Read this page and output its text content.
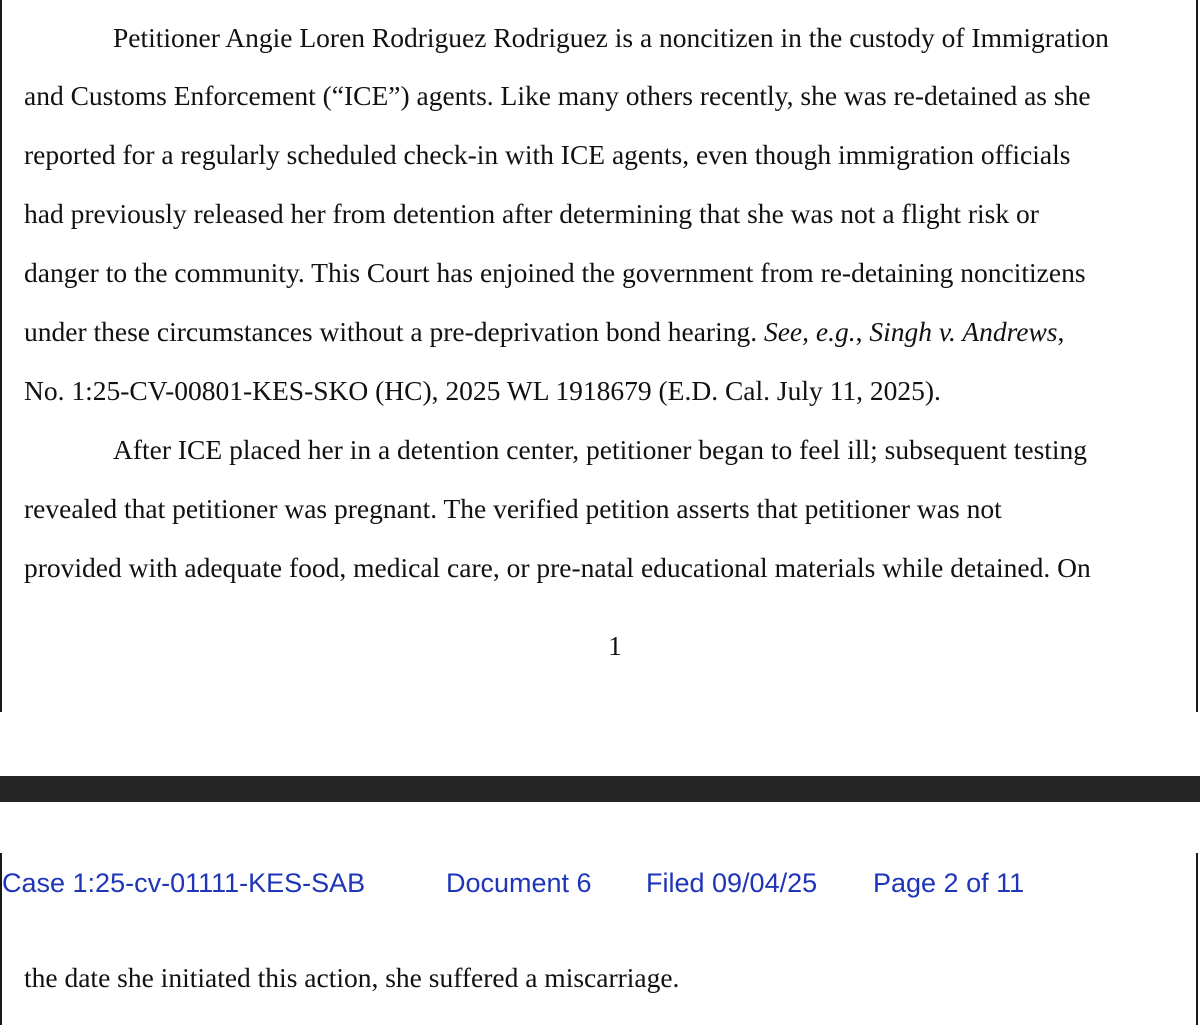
Petitioner Angie Loren Rodriguez Rodriguez is a noncitizen in the custody of Immigration
and Customs Enforcement (“ICE”) agents. Like many others recently, she was re-detained as she
reported for a regularly scheduled check-in with ICE agents, even though immigration officials
had previously released her from detention after determining that she was not a flight risk or
danger to the community. This Court has enjoined the government from re-detaining noncitizens
under these circumstances without a pre-deprivation bond hearing. See, e.g., Singh v. Andrews,
No. 1:25-CV-00801-KES-SKO (HC), 2025 WL 1918679 (E.D. Cal. July 11, 2025).
After ICE placed her in a detention center, petitioner began to feel ill; subsequent testing
revealed that petitioner was pregnant. The verified petition asserts that petitioner was not
provided with adequate food, medical care, or pre-natal educational materials while detained. On
1
Case 1:25-cv-01111-KES-SAB	Document 6 Filed 09/04/25 Page 2 of 11
the date she initiated this action, she suffered a miscarriage.
